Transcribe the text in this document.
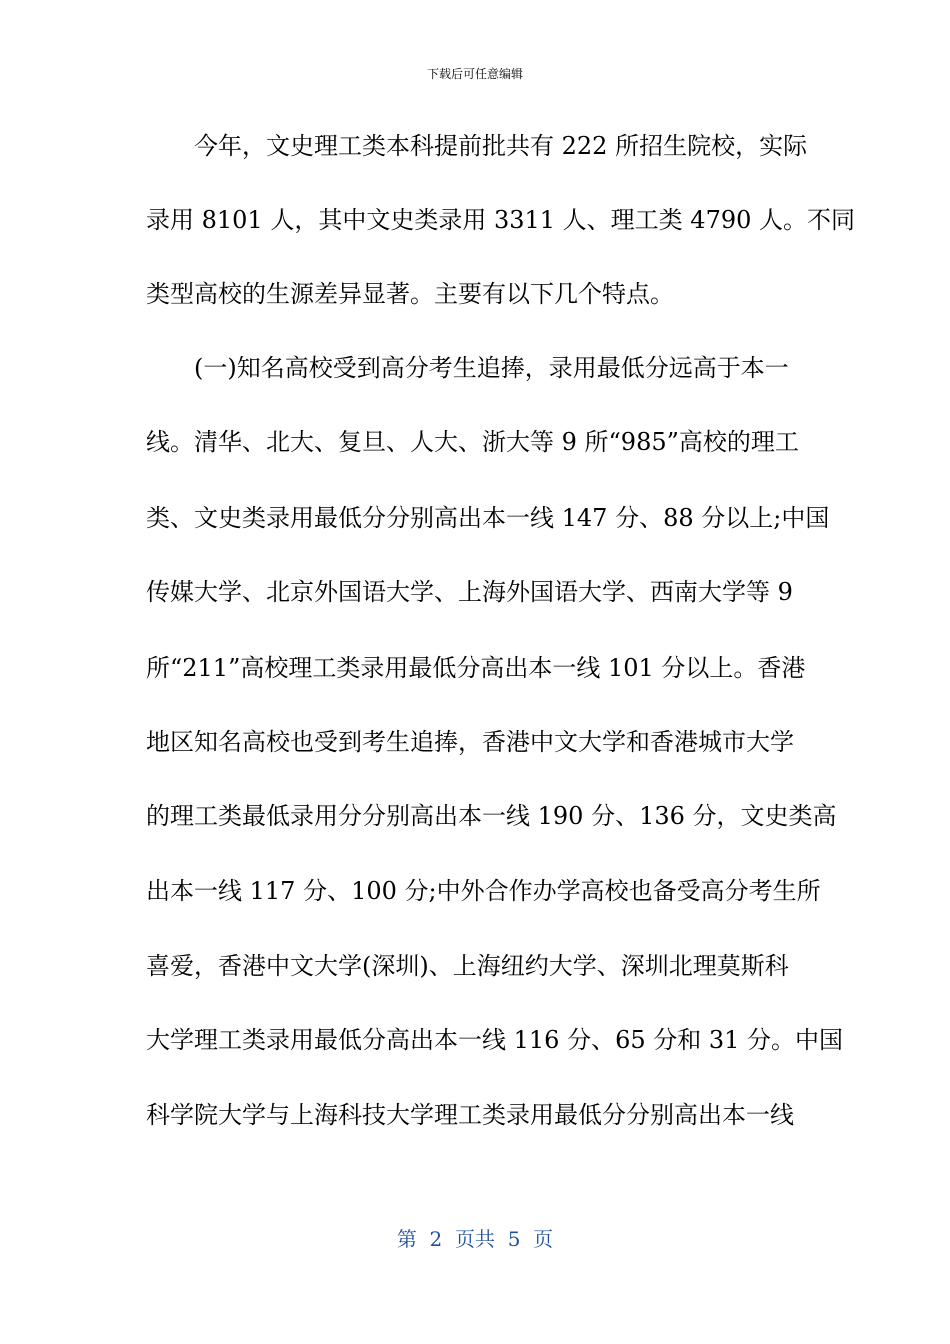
下载后可任意编辑
　　今年，文史理工类本科提前批共有 222 所招生院校，实际
录用 8101 人，其中文史类录用 3311 人、理工类 4790 人。不同
类型高校的生源差异显著。主要有以下几个特点。
　　(一)知名高校受到高分考生追捧，录用最低分远高于本一
线。清华、北大、复旦、人大、浙大等 9 所“985”高校的理工
类、文史类录用最低分分别高出本一线 147 分、88 分以上;中国
传媒大学、北京外国语大学、上海外国语大学、西南大学等 9
所“211”高校理工类录用最低分高出本一线 101 分以上。香港
地区知名高校也受到考生追捧，香港中文大学和香港城市大学
的理工类最低录用分分别高出本一线 190 分、136 分，文史类高
出本一线 117 分、100 分;中外合作办学高校也备受高分考生所
喜爱，香港中文大学(深圳)、上海纽约大学、深圳北理莫斯科
大学理工类录用最低分高出本一线 116 分、65 分和 31 分。中国
科学院大学与上海科技大学理工类录用最低分分别高出本一线
第  2  页共  5  页
